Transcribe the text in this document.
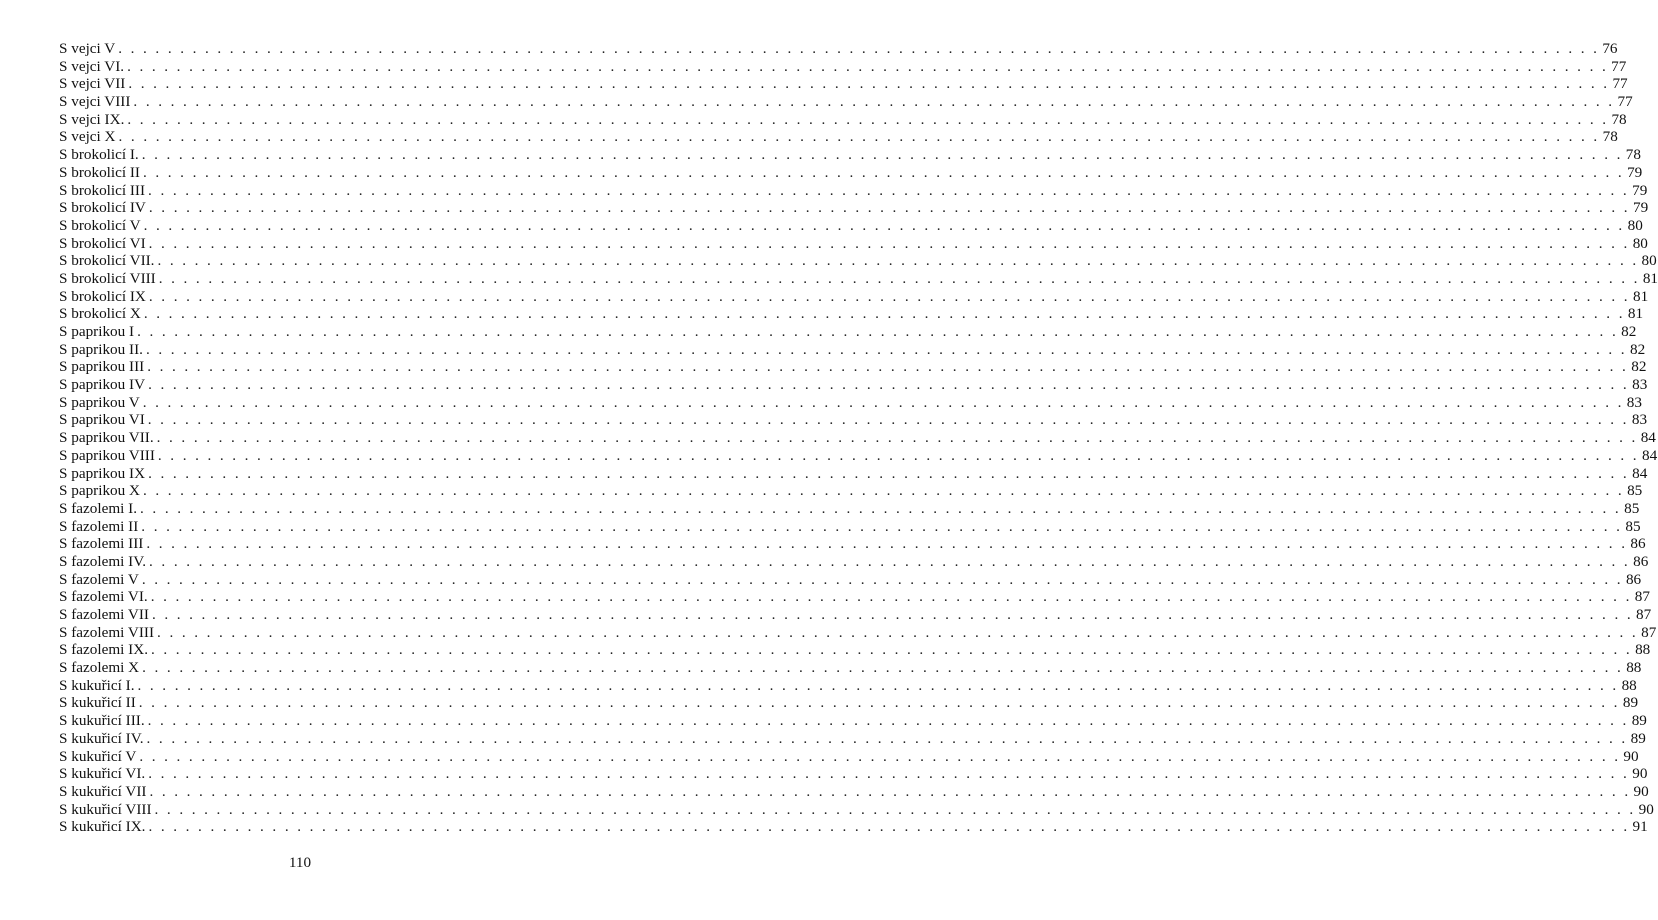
S vejci V . . . . . . . . . . . . . . . . . . . . . . . . . . . . . . . . . . . . . . . . . . . . . . . . . . . . . . . . . . . . . . . . . . . . . . . . . . . . . . . . . . . . . . . . . . . . . . . . . . . . . . . . . . . . . . . . . . . . . . . . 76
S vejci VI. . . . . . . . . . . . . . . . . . . . . . . . . . . . . . . . . . . . . . . . . . . . . . . . . . . . . . . . . . . . . . . . . . . . . . . . . . . . . . . . . . . . . . . . . . . . . . . . . . . . . . . . . . . . . . . . . . . . . . . . . 77
S vejci VII . . . . . . . . . . . . . . . . . . . . . . . . . . . . . . . . . . . . . . . . . . . . . . . . . . . . . . . . . . . . . . . . . . . . . . . . . . . . . . . . . . . . . . . . . . . . . . . . . . . . . . . . . . . . . . . . . . . . . . . . 77
S vejci VIII . . . . . . . . . . . . . . . . . . . . . . . . . . . . . . . . . . . . . . . . . . . . . . . . . . . . . . . . . . . . . . . . . . . . . . . . . . . . . . . . . . . . . . . . . . . . . . . . . . . . . . . . . . . . . . . . . . . . . . . . 77
S vejci IX. . . . . . . . . . . . . . . . . . . . . . . . . . . . . . . . . . . . . . . . . . . . . . . . . . . . . . . . . . . . . . . . . . . . . . . . . . . . . . . . . . . . . . . . . . . . . . . . . . . . . . . . . . . . . . . . . . . . . . . . . 78
S vejci X . . . . . . . . . . . . . . . . . . . . . . . . . . . . . . . . . . . . . . . . . . . . . . . . . . . . . . . . . . . . . . . . . . . . . . . . . . . . . . . . . . . . . . . . . . . . . . . . . . . . . . . . . . . . . . . . . . . . . . . . 78
S brokolicí I. . . . . . . . . . . . . . . . . . . . . . . . . . . . . . . . . . . . . . . . . . . . . . . . . . . . . . . . . . . . . . . . . . . . . . . . . . . . . . . . . . . . . . . . . . . . . . . . . . . . . . . . . . . . . . . . . . . . . . . . . 78
S brokolicí II . . . . . . . . . . . . . . . . . . . . . . . . . . . . . . . . . . . . . . . . . . . . . . . . . . . . . . . . . . . . . . . . . . . . . . . . . . . . . . . . . . . . . . . . . . . . . . . . . . . . . . . . . . . . . . . . . . . . . . . . 79
S brokolicí III . . . . . . . . . . . . . . . . . . . . . . . . . . . . . . . . . . . . . . . . . . . . . . . . . . . . . . . . . . . . . . . . . . . . . . . . . . . . . . . . . . . . . . . . . . . . . . . . . . . . . . . . . . . . . . . . . . . . . . . . 79
S brokolicí IV . . . . . . . . . . . . . . . . . . . . . . . . . . . . . . . . . . . . . . . . . . . . . . . . . . . . . . . . . . . . . . . . . . . . . . . . . . . . . . . . . . . . . . . . . . . . . . . . . . . . . . . . . . . . . . . . . . . . . . . . 79
S brokolicí V . . . . . . . . . . . . . . . . . . . . . . . . . . . . . . . . . . . . . . . . . . . . . . . . . . . . . . . . . . . . . . . . . . . . . . . . . . . . . . . . . . . . . . . . . . . . . . . . . . . . . . . . . . . . . . . . . . . . . . . . 80
S brokolicí VI . . . . . . . . . . . . . . . . . . . . . . . . . . . . . . . . . . . . . . . . . . . . . . . . . . . . . . . . . . . . . . . . . . . . . . . . . . . . . . . . . . . . . . . . . . . . . . . . . . . . . . . . . . . . . . . . . . . . . . . . 80
S brokolicí VII. . . . . . . . . . . . . . . . . . . . . . . . . . . . . . . . . . . . . . . . . . . . . . . . . . . . . . . . . . . . . . . . . . . . . . . . . . . . . . . . . . . . . . . . . . . . . . . . . . . . . . . . . . . . . . . . . . . . . . . . . 80
S brokolicí VIII . . . . . . . . . . . . . . . . . . . . . . . . . . . . . . . . . . . . . . . . . . . . . . . . . . . . . . . . . . . . . . . . . . . . . . . . . . . . . . . . . . . . . . . . . . . . . . . . . . . . . . . . . . . . . . . . . . . . . . . . 81
S brokolicí IX . . . . . . . . . . . . . . . . . . . . . . . . . . . . . . . . . . . . . . . . . . . . . . . . . . . . . . . . . . . . . . . . . . . . . . . . . . . . . . . . . . . . . . . . . . . . . . . . . . . . . . . . . . . . . . . . . . . . . . . . 81
S brokolicí X . . . . . . . . . . . . . . . . . . . . . . . . . . . . . . . . . . . . . . . . . . . . . . . . . . . . . . . . . . . . . . . . . . . . . . . . . . . . . . . . . . . . . . . . . . . . . . . . . . . . . . . . . . . . . . . . . . . . . . . . 81
S paprikou I . . . . . . . . . . . . . . . . . . . . . . . . . . . . . . . . . . . . . . . . . . . . . . . . . . . . . . . . . . . . . . . . . . . . . . . . . . . . . . . . . . . . . . . . . . . . . . . . . . . . . . . . . . . . . . . . . . . . . . . . 82
S paprikou II. . . . . . . . . . . . . . . . . . . . . . . . . . . . . . . . . . . . . . . . . . . . . . . . . . . . . . . . . . . . . . . . . . . . . . . . . . . . . . . . . . . . . . . . . . . . . . . . . . . . . . . . . . . . . . . . . . . . . . . . . 82
S paprikou III . . . . . . . . . . . . . . . . . . . . . . . . . . . . . . . . . . . . . . . . . . . . . . . . . . . . . . . . . . . . . . . . . . . . . . . . . . . . . . . . . . . . . . . . . . . . . . . . . . . . . . . . . . . . . . . . . . . . . . . . 82
S paprikou IV . . . . . . . . . . . . . . . . . . . . . . . . . . . . . . . . . . . . . . . . . . . . . . . . . . . . . . . . . . . . . . . . . . . . . . . . . . . . . . . . . . . . . . . . . . . . . . . . . . . . . . . . . . . . . . . . . . . . . . . . 83
S paprikou V . . . . . . . . . . . . . . . . . . . . . . . . . . . . . . . . . . . . . . . . . . . . . . . . . . . . . . . . . . . . . . . . . . . . . . . . . . . . . . . . . . . . . . . . . . . . . . . . . . . . . . . . . . . . . . . . . . . . . . . . 83
S paprikou VI . . . . . . . . . . . . . . . . . . . . . . . . . . . . . . . . . . . . . . . . . . . . . . . . . . . . . . . . . . . . . . . . . . . . . . . . . . . . . . . . . . . . . . . . . . . . . . . . . . . . . . . . . . . . . . . . . . . . . . . . 83
S paprikou VII. . . . . . . . . . . . . . . . . . . . . . . . . . . . . . . . . . . . . . . . . . . . . . . . . . . . . . . . . . . . . . . . . . . . . . . . . . . . . . . . . . . . . . . . . . . . . . . . . . . . . . . . . . . . . . . . . . . . . . . . . 84
S paprikou VIII . . . . . . . . . . . . . . . . . . . . . . . . . . . . . . . . . . . . . . . . . . . . . . . . . . . . . . . . . . . . . . . . . . . . . . . . . . . . . . . . . . . . . . . . . . . . . . . . . . . . . . . . . . . . . . . . . . . . . . . . 84
S paprikou IX . . . . . . . . . . . . . . . . . . . . . . . . . . . . . . . . . . . . . . . . . . . . . . . . . . . . . . . . . . . . . . . . . . . . . . . . . . . . . . . . . . . . . . . . . . . . . . . . . . . . . . . . . . . . . . . . . . . . . . . . 84
S paprikou X . . . . . . . . . . . . . . . . . . . . . . . . . . . . . . . . . . . . . . . . . . . . . . . . . . . . . . . . . . . . . . . . . . . . . . . . . . . . . . . . . . . . . . . . . . . . . . . . . . . . . . . . . . . . . . . . . . . . . . . . 85
S fazolemi I. . . . . . . . . . . . . . . . . . . . . . . . . . . . . . . . . . . . . . . . . . . . . . . . . . . . . . . . . . . . . . . . . . . . . . . . . . . . . . . . . . . . . . . . . . . . . . . . . . . . . . . . . . . . . . . . . . . . . . . . . 85
S fazolemi II . . . . . . . . . . . . . . . . . . . . . . . . . . . . . . . . . . . . . . . . . . . . . . . . . . . . . . . . . . . . . . . . . . . . . . . . . . . . . . . . . . . . . . . . . . . . . . . . . . . . . . . . . . . . . . . . . . . . . . . . 85
S fazolemi III . . . . . . . . . . . . . . . . . . . . . . . . . . . . . . . . . . . . . . . . . . . . . . . . . . . . . . . . . . . . . . . . . . . . . . . . . . . . . . . . . . . . . . . . . . . . . . . . . . . . . . . . . . . . . . . . . . . . . . . . 86
S fazolemi IV. . . . . . . . . . . . . . . . . . . . . . . . . . . . . . . . . . . . . . . . . . . . . . . . . . . . . . . . . . . . . . . . . . . . . . . . . . . . . . . . . . . . . . . . . . . . . . . . . . . . . . . . . . . . . . . . . . . . . . . . . 86
S fazolemi V . . . . . . . . . . . . . . . . . . . . . . . . . . . . . . . . . . . . . . . . . . . . . . . . . . . . . . . . . . . . . . . . . . . . . . . . . . . . . . . . . . . . . . . . . . . . . . . . . . . . . . . . . . . . . . . . . . . . . . . . 86
S fazolemi VI. . . . . . . . . . . . . . . . . . . . . . . . . . . . . . . . . . . . . . . . . . . . . . . . . . . . . . . . . . . . . . . . . . . . . . . . . . . . . . . . . . . . . . . . . . . . . . . . . . . . . . . . . . . . . . . . . . . . . . . . . 87
S fazolemi VII . . . . . . . . . . . . . . . . . . . . . . . . . . . . . . . . . . . . . . . . . . . . . . . . . . . . . . . . . . . . . . . . . . . . . . . . . . . . . . . . . . . . . . . . . . . . . . . . . . . . . . . . . . . . . . . . . . . . . . . . 87
S fazolemi VIII . . . . . . . . . . . . . . . . . . . . . . . . . . . . . . . . . . . . . . . . . . . . . . . . . . . . . . . . . . . . . . . . . . . . . . . . . . . . . . . . . . . . . . . . . . . . . . . . . . . . . . . . . . . . . . . . . . . . . . . . 87
S fazolemi IX. . . . . . . . . . . . . . . . . . . . . . . . . . . . . . . . . . . . . . . . . . . . . . . . . . . . . . . . . . . . . . . . . . . . . . . . . . . . . . . . . . . . . . . . . . . . . . . . . . . . . . . . . . . . . . . . . . . . . . . . . 88
S fazolemi X . . . . . . . . . . . . . . . . . . . . . . . . . . . . . . . . . . . . . . . . . . . . . . . . . . . . . . . . . . . . . . . . . . . . . . . . . . . . . . . . . . . . . . . . . . . . . . . . . . . . . . . . . . . . . . . . . . . . . . . . 88
S kukuřicí I. . . . . . . . . . . . . . . . . . . . . . . . . . . . . . . . . . . . . . . . . . . . . . . . . . . . . . . . . . . . . . . . . . . . . . . . . . . . . . . . . . . . . . . . . . . . . . . . . . . . . . . . . . . . . . . . . . . . . . . . . 88
S kukuřicí II . . . . . . . . . . . . . . . . . . . . . . . . . . . . . . . . . . . . . . . . . . . . . . . . . . . . . . . . . . . . . . . . . . . . . . . . . . . . . . . . . . . . . . . . . . . . . . . . . . . . . . . . . . . . . . . . . . . . . . . . 89
S kukuřicí III. . . . . . . . . . . . . . . . . . . . . . . . . . . . . . . . . . . . . . . . . . . . . . . . . . . . . . . . . . . . . . . . . . . . . . . . . . . . . . . . . . . . . . . . . . . . . . . . . . . . . . . . . . . . . . . . . . . . . . . . . 89
S kukuřicí IV. . . . . . . . . . . . . . . . . . . . . . . . . . . . . . . . . . . . . . . . . . . . . . . . . . . . . . . . . . . . . . . . . . . . . . . . . . . . . . . . . . . . . . . . . . . . . . . . . . . . . . . . . . . . . . . . . . . . . . . . . 89
S kukuřicí V . . . . . . . . . . . . . . . . . . . . . . . . . . . . . . . . . . . . . . . . . . . . . . . . . . . . . . . . . . . . . . . . . . . . . . . . . . . . . . . . . . . . . . . . . . . . . . . . . . . . . . . . . . . . . . . . . . . . . . . . 90
S kukuřicí VI. . . . . . . . . . . . . . . . . . . . . . . . . . . . . . . . . . . . . . . . . . . . . . . . . . . . . . . . . . . . . . . . . . . . . . . . . . . . . . . . . . . . . . . . . . . . . . . . . . . . . . . . . . . . . . . . . . . . . . . . . 90
S kukuřicí VII . . . . . . . . . . . . . . . . . . . . . . . . . . . . . . . . . . . . . . . . . . . . . . . . . . . . . . . . . . . . . . . . . . . . . . . . . . . . . . . . . . . . . . . . . . . . . . . . . . . . . . . . . . . . . . . . . . . . . . . . 90
S kukuřicí VIII . . . . . . . . . . . . . . . . . . . . . . . . . . . . . . . . . . . . . . . . . . . . . . . . . . . . . . . . . . . . . . . . . . . . . . . . . . . . . . . . . . . . . . . . . . . . . . . . . . . . . . . . . . . . . . . . . . . . . . . . 90
S kukuřicí IX. . . . . . . . . . . . . . . . . . . . . . . . . . . . . . . . . . . . . . . . . . . . . . . . . . . . . . . . . . . . . . . . . . . . . . . . . . . . . . . . . . . . . . . . . . . . . . . . . . . . . . . . . . . . . . . . . . . . . . . . . 91
110
